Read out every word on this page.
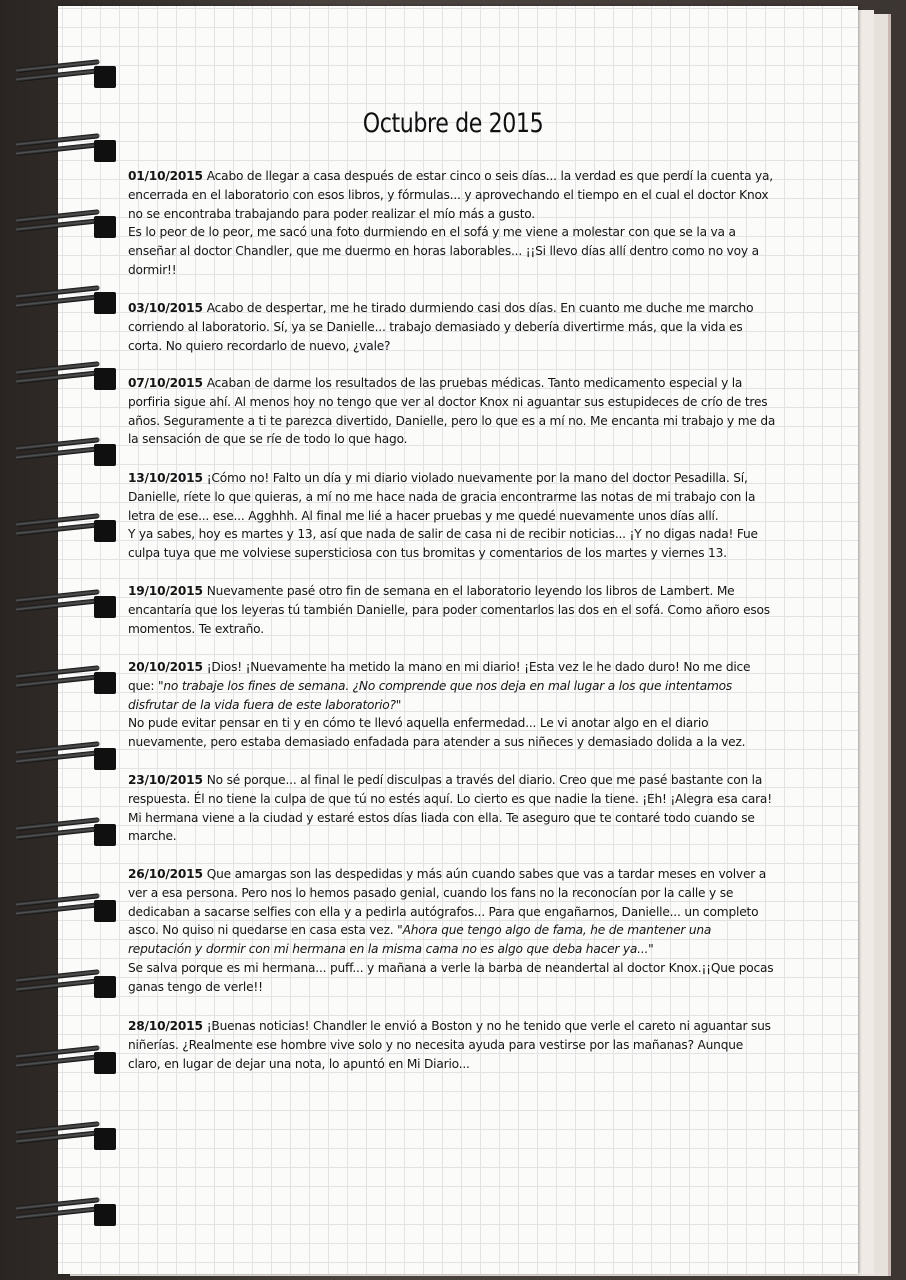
Octubre de 2015

01/10/2015 Acabo de llegar a casa después de estar cinco o seis días... la verdad es que perdí la cuenta ya, encerrada en el laboratorio con esos libros, y fórmulas... y aprovechando el tiempo en el cual el doctor Knox no se encontraba trabajando para poder realizar el mío más a gusto.

Es lo peor de lo peor, me sacó una foto durmiendo en el sofá y me viene a molestar con que se la va a enseñar al doctor Chandler, que me duermo en horas laborables... ¡¡Si llevo días allí dentro como no voy a dormir!!

03/10/2015 Acabo de despertar, me he tirado durmiendo casi dos días. En cuanto me duche me marcho corriendo al laboratorio. Sí, ya se Danielle... trabajo demasiado y debería divertirme más, que la vida es corta. No quiero recordarlo de nuevo, ¿vale?

07/10/2015 Acaban de darme los resultados de las pruebas médicas. Tanto medicamento especial y la porfiria sigue ahí. Al menos hoy no tengo que ver al doctor Knox ni aguantar sus estupideces de crío de tres años. Seguramente a ti te parezca divertido, Danielle, pero lo que es a mí no. Me encanta mi trabajo y me da la sensación de que se ríe de todo lo que hago.

13/10/2015 ¡Cómo no! Falto un día y mi diario violado nuevamente por la mano del doctor Pesadilla. Sí, Danielle, ríete lo que quieras, a mí no me hace nada de gracia encontrarme las notas de mi trabajo con la letra de ese... ese... Agghhh. Al final me lié a hacer pruebas y me quedé nuevamente unos días allí.

Y ya sabes, hoy es martes y 13, así que nada de salir de casa ni de recibir noticias... ¡Y no digas nada! Fue culpa tuya que me volviese supersticiosa con tus bromitas y comentarios de los martes y viernes 13.

19/10/2015 Nuevamente pasé otro fin de semana en el laboratorio leyendo los libros de Lambert. Me encantaría que los leyeras tú también Danielle, para poder comentarlos las dos en el sofá. Como añoro esos momentos. Te extraño.

20/10/2015 ¡Dios! ¡Nuevamente ha metido la mano en mi diario! ¡Esta vez le he dado duro! No me dice que: "no trabaje los fines de semana. ¿No comprende que nos deja en mal lugar a los que intentamos disfrutar de la vida fuera de este laboratorio?"

No pude evitar pensar en ti y en cómo te llevó aquella enfermedad... Le vi anotar algo en el diario nuevamente, pero estaba demasiado enfadada para atender a sus niñeces y demasiado dolida a la vez.

23/10/2015 No sé porque... al final le pedí disculpas a través del diario. Creo que me pasé bastante con la respuesta. Él no tiene la culpa de que tú no estés aquí. Lo cierto es que nadie la tiene. ¡Eh! ¡Alegra esa cara! Mi hermana viene a la ciudad y estaré estos días liada con ella. Te aseguro que te contaré todo cuando se marche.

26/10/2015 Que amargas son las despedidas y más aún cuando sabes que vas a tardar meses en volver a ver a esa persona. Pero nos lo hemos pasado genial, cuando los fans no la reconocían por la calle y se dedicaban a sacarse selfies con ella y a pedirla autógrafos... Para que engañarnos, Danielle... un completo asco. No quiso ni quedarse en casa esta vez. "Ahora que tengo algo de fama, he de mantener una reputación y dormir con mi hermana en la misma cama no es algo que deba hacer ya..."

Se salva porque es mi hermana... puff... y mañana a verle la barba de neandertal al doctor Knox.¡¡Que pocas ganas tengo de verle!!

28/10/2015 ¡Buenas noticias! Chandler le envió a Boston y no he tenido que verle el careto ni aguantar sus niñerías. ¿Realmente ese hombre vive solo y no necesita ayuda para vestirse por las mañanas? Aunque claro, en lugar de dejar una nota, lo apuntó en Mi Diario...
